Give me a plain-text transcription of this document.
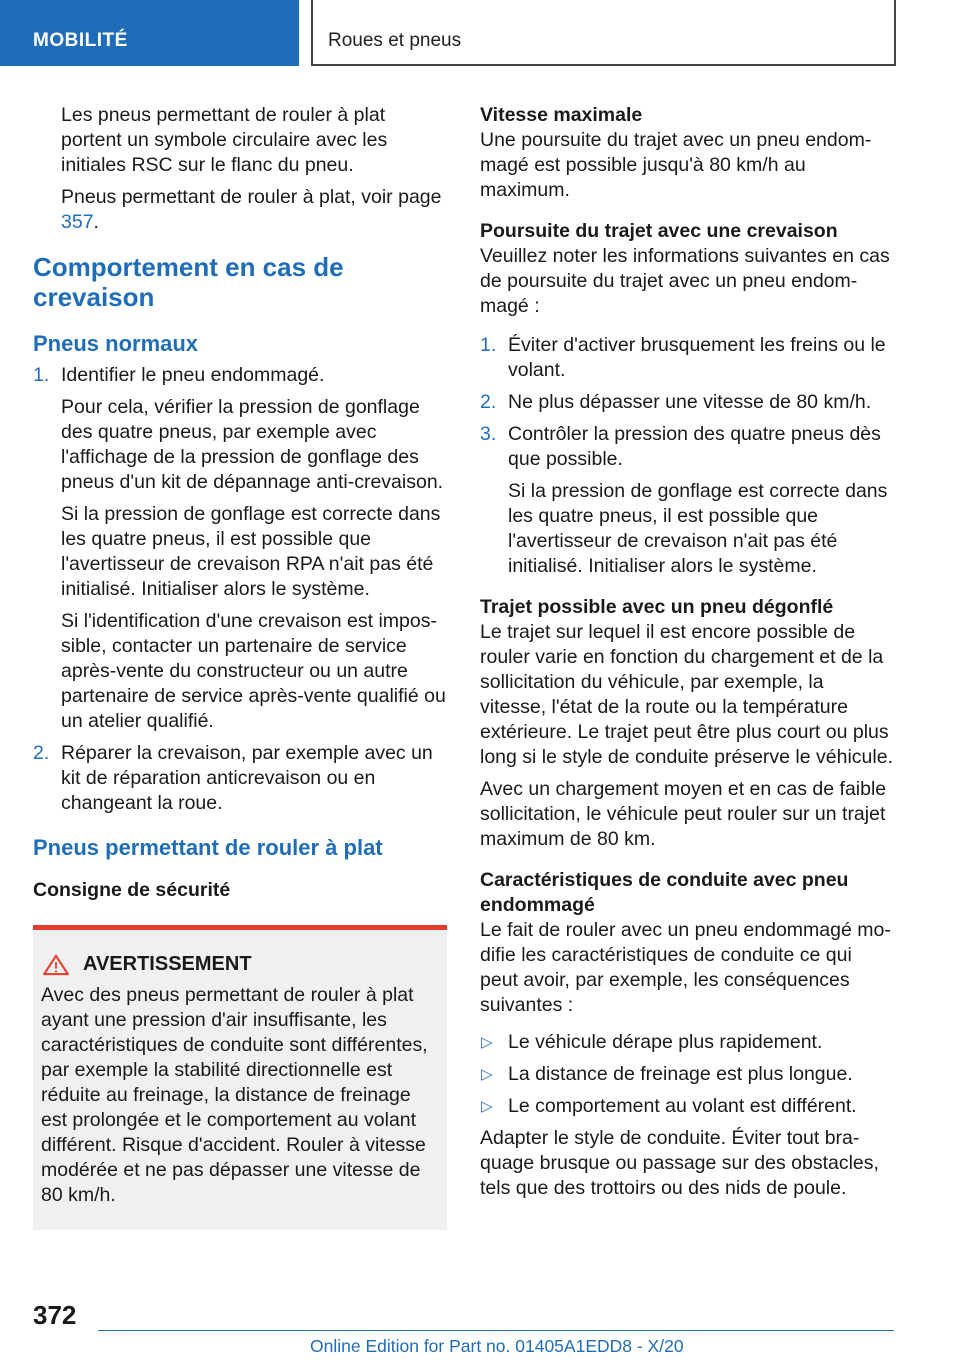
MOBILITÉ	Roues et pneus

Les pneus permettant de rouler à plat portent un symbole circulaire avec les initiales RSC sur le flanc du pneu.

Pneus permettant de rouler à plat, voir page 357.

Comportement en cas de crevaison
Pneus normaux
1. Identifier le pneu endommagé.
Pour cela, vérifier la pression de gonflage des quatre pneus, par exemple avec l'affichage de la pression de gonflage des pneus d'un kit de dépannage anti-crevaison.
Si la pression de gonflage est correcte dans les quatre pneus, il est possible que l'avertisseur de crevaison RPA n'ait pas été initialisé. Initialiser alors le système.
Si l'identification d'une crevaison est impossible, contacter un partenaire de service après-vente du constructeur ou un autre partenaire de service après-vente qualifié ou un atelier qualifié.
2. Réparer la crevaison, par exemple avec un kit de réparation anticrevaison ou en changeant la roue.
Pneus permettant de rouler à plat
Consigne de sécurité
AVERTISSEMENT
Avec des pneus permettant de rouler à plat ayant une pression d'air insuffisante, les caractéristiques de conduite sont différentes, par exemple la stabilité directionnelle est réduite au freinage, la distance de freinage est prolongée et le comportement au volant différent. Risque d'accident. Rouler à vitesse modérée et ne pas dépasser une vitesse de 80 km/h.
Vitesse maximale

Une poursuite du trajet avec un pneu endommagé est possible jusqu'à 80 km/h au maximum.

Poursuite du trajet avec une crevaison

Veuillez noter les informations suivantes en cas de poursuite du trajet avec un pneu endommagé :

1. Éviter d'activer brusquement les freins ou le volant.
2. Ne plus dépasser une vitesse de 80 km/h.
3. Contrôler la pression des quatre pneus dès que possible.
Si la pression de gonflage est correcte dans les quatre pneus, il est possible que l'avertisseur de crevaison n'ait pas été initialisé. Initialiser alors le système.
Trajet possible avec un pneu dégonflé

Le trajet sur lequel il est encore possible de rouler varie en fonction du chargement et de la sollicitation du véhicule, par exemple, la vitesse, l'état de la route ou la température extérieure. Le trajet peut être plus court ou plus long si le style de conduite préserve le véhicule.

Avec un chargement moyen et en cas de faible sollicitation, le véhicule peut rouler sur un trajet maximum de 80 km.

Caractéristiques de conduite avec pneu endommagé

Le fait de rouler avec un pneu endommagé modifie les caractéristiques de conduite ce qui peut avoir, par exemple, les conséquences suivantes :

▷ Le véhicule dérape plus rapidement.
▷ La distance de freinage est plus longue.
▷ Le comportement au volant est différent.

Adapter le style de conduite. Éviter tout braquage brusque ou passage sur des obstacles, tels que des trottoirs ou des nids de poule.

372
Online Edition for Part no. 01405A1EDD8 - X/20
